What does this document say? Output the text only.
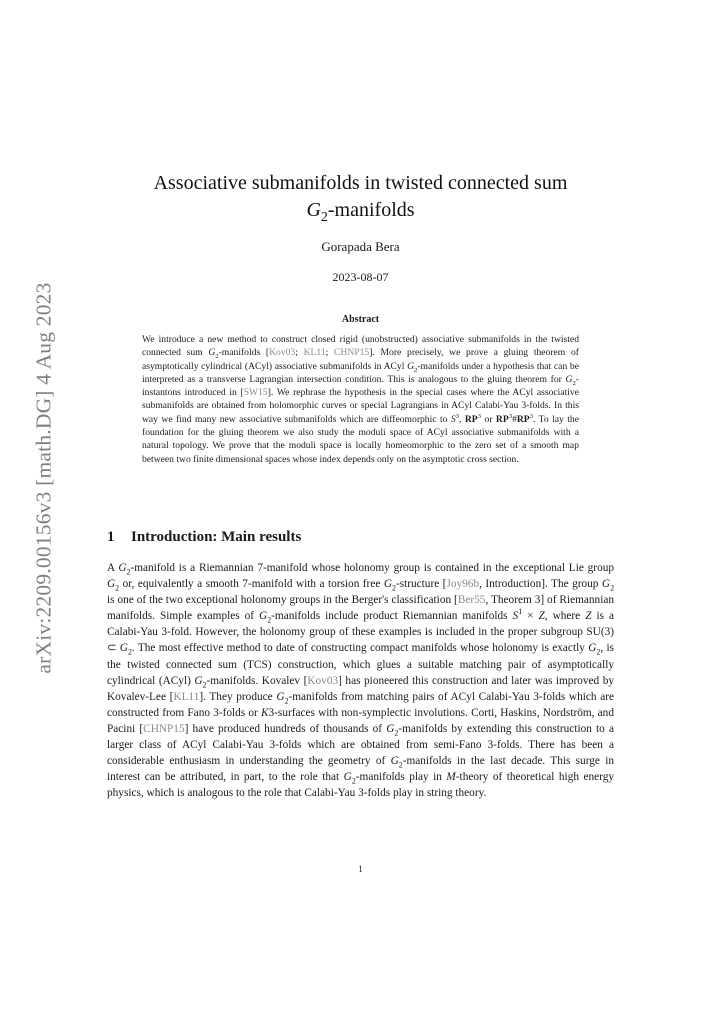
arXiv:2209.00156v3 [math.DG] 4 Aug 2023
Associative submanifolds in twisted connected sum
$G_2$-manifolds
Gorapada Bera
2023-08-07
Abstract
We introduce a new method to construct closed rigid (unobstructed) associative submanifolds in the twisted connected sum $G_2$-manifolds [Kov03; KL11; CHNP15]. More precisely, we prove a gluing theorem of asymptotically cylindrical (ACyl) associative submanifolds in ACyl $G_2$-manifolds under a hypothesis that can be interpreted as a transverse Lagrangian intersection condition. This is analogous to the gluing theorem for $G_2$-instantons introduced in [SW15]. We rephrase the hypothesis in the special cases where the ACyl associative submanifolds are obtained from holomorphic curves or special Lagrangians in ACyl Calabi-Yau 3-folds. In this way we find many new associative submanifolds which are diffeomorphic to $S^3$, $RP^3$ or $RP^3\#RP^3$. To lay the foundation for the gluing theorem we also study the moduli space of ACyl associative submanifolds with a natural topology. We prove that the moduli space is locally homeomorphic to the zero set of a smooth map between two finite dimensional spaces whose index depends only on the asymptotic cross section.
1 Introduction: Main results
A $G_2$-manifold is a Riemannian 7-manifold whose holonomy group is contained in the exceptional Lie group $G_2$ or, equivalently a smooth 7-manifold with a torsion free $G_2$-structure [Joy96b, Introduction]. The group $G_2$ is one of the two exceptional holonomy groups in the Berger's classification [Ber55, Theorem 3] of Riemannian manifolds. Simple examples of $G_2$-manifolds include product Riemannian manifolds $S^1 \times Z$, where Z is a Calabi-Yau 3-fold. However, the holonomy group of these examples is included in the proper subgroup SU(3) ⊂ $G_2$. The most effective method to date of constructing compact manifolds whose holonomy is exactly $G_2$, is the twisted connected sum (TCS) construction, which glues a suitable matching pair of asymptotically cylindrical (ACyl) $G_2$-manifolds. Kovalev [Kov03] has pioneered this construction and later was improved by Kovalev-Lee [KL11]. They produce $G_2$-manifolds from matching pairs of ACyl Calabi-Yau 3-folds which are constructed from Fano 3-folds or K3-surfaces with non-symplectic involutions. Corti, Haskins, Nordström, and Pacini [CHNP15] have produced hundreds of thousands of $G_2$-manifolds by extending this construction to a larger class of ACyl Calabi-Yau 3-folds which are obtained from semi-Fano 3-folds. There has been a considerable enthusiasm in understanding the geometry of $G_2$-manifolds in the last decade. This surge in interest can be attributed, in part, to the role that $G_2$-manifolds play in M-theory of theoretical high energy physics, which is analogous to the role that Calabi-Yau 3-folds play in string theory.
1
